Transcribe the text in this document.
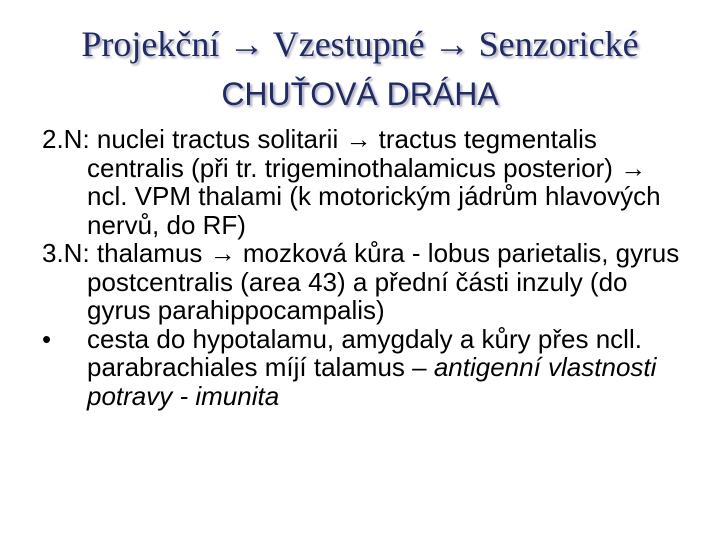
Projekční → Vzestupné → Senzorické
CHUŤOVÁ DRÁHA
2.N: nuclei tractus solitarii → tractus tegmentalis centralis (při tr. trigeminothalamicus posterior) → ncl. VPM thalami (k motorickým jádrům hlavových nervů, do RF)
3.N: thalamus → mozková kůra - lobus parietalis, gyrus postcentralis (area 43) a přední části inzuly (do gyrus parahippocampalis)
•	cesta do hypotalamu, amygdaly a kůry přes ncll. parabrachiales míjí talamus – antigenní vlastnosti potravy - imunita
